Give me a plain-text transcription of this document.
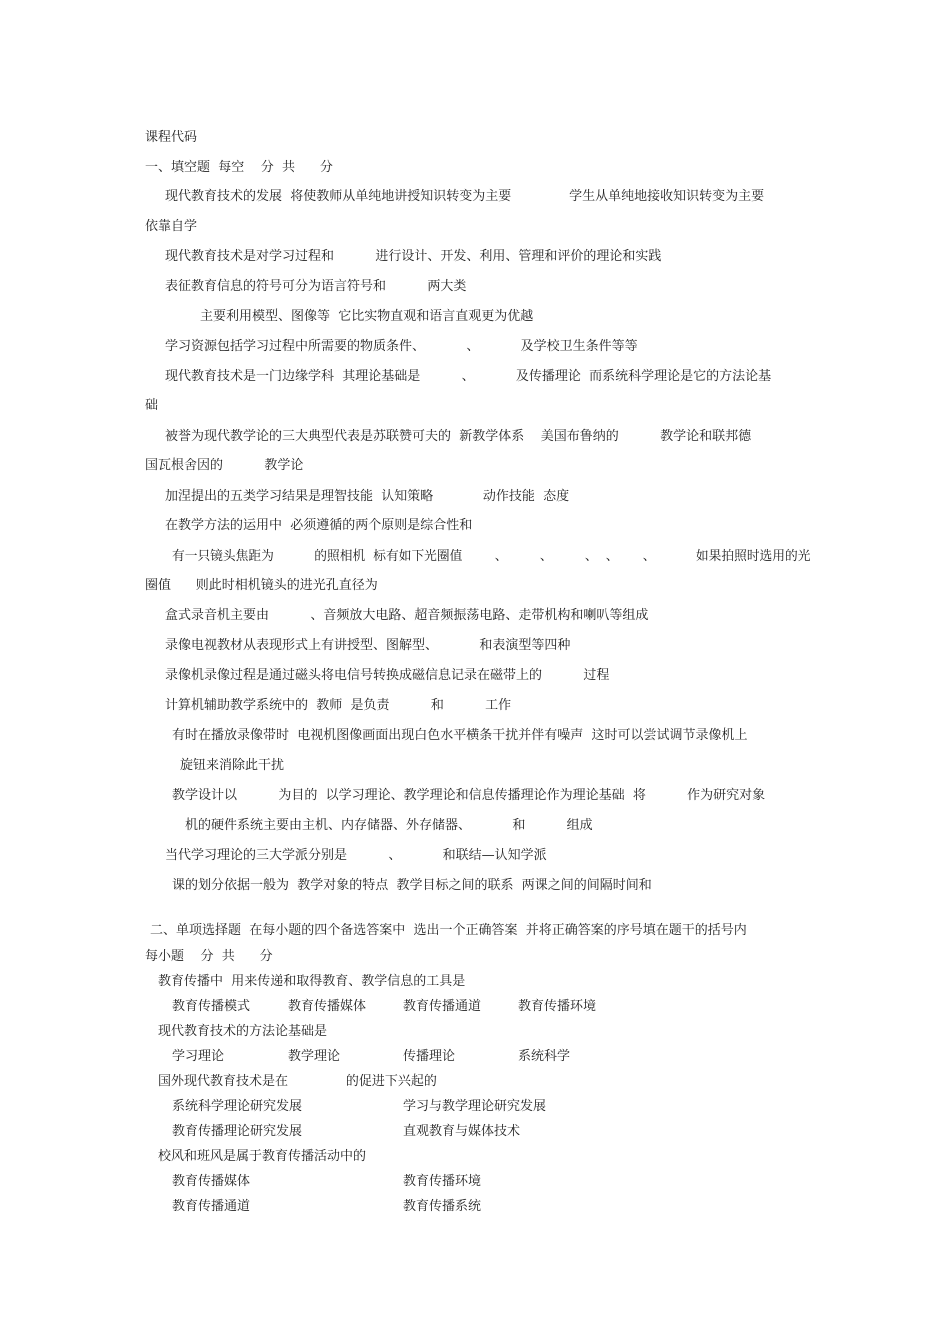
课程代码
一、填空题  每空    分  共      分
现代教育技术的发展  将使教师从单纯地讲授知识转变为主要              学生从单纯地接收知识转变为主要
依靠自学
现代教育技术是对学习过程和          进行设计、开发、利用、管理和评价的理论和实践
表征教育信息的符号可分为语言符号和          两大类
主要利用模型、图像等  它比实物直观和语言直观更为优越
学习资源包括学习过程中所需要的物质条件、          、          及学校卫生条件等等
现代教育技术是一门边缘学科  其理论基础是          、          及传播理论  而系统科学理论是它的方法论基
础
被誉为现代教学论的三大典型代表是苏联赞可夫的  新教学体系    美国布鲁纳的          教学论和联邦德
国瓦根舍因的          教学论
加涅提出的五类学习结果是理智技能  认知策略            动作技能  态度
在教学方法的运用中  必须遵循的两个原则是综合性和
有一只镜头焦距为          的照相机  标有如下光圈值        、        、        、  、      、          如果拍照时选用的光
圈值      则此时相机镜头的进光孔直径为
盒式录音机主要由          、音频放大电路、超音频振荡电路、走带机构和喇叭等组成
录像电视教材从表现形式上有讲授型、图解型、          和表演型等四种
录像机录像过程是通过磁头将电信号转换成磁信息记录在磁带上的          过程
计算机辅助教学系统中的  教师  是负责          和          工作
有时在播放录像带时  电视机图像画面出现白色水平横条干扰并伴有噪声  这时可以尝试调节录像机上
旋钮来消除此干扰
教学设计以          为目的  以学习理论、教学理论和信息传播理论作为理论基础  将          作为研究对象
机的硬件系统主要由主机、内存储器、外存储器、          和          组成
当代学习理论的三大学派分别是          、          和联结—认知学派
课的划分依据一般为  教学对象的特点  教学目标之间的联系  两课之间的间隔时间和
二、单项选择题  在每小题的四个备选答案中  选出一个正确答案  并将正确答案的序号填在题干的括号内
每小题    分  共      分
教育传播中  用来传递和取得教育、教学信息的工具是
教育传播模式	教育传播媒体	教育传播通道	教育传播环境
现代教育技术的方法论基础是
学习理论	教学理论	传播理论	系统科学
国外现代教育技术是在              的促进下兴起的
系统科学理论研究发展	学习与教学理论研究发展
教育传播理论研究发展	直观教育与媒体技术
校风和班风是属于教育传播活动中的
教育传播媒体	教育传播环境
教育传播通道	教育传播系统
